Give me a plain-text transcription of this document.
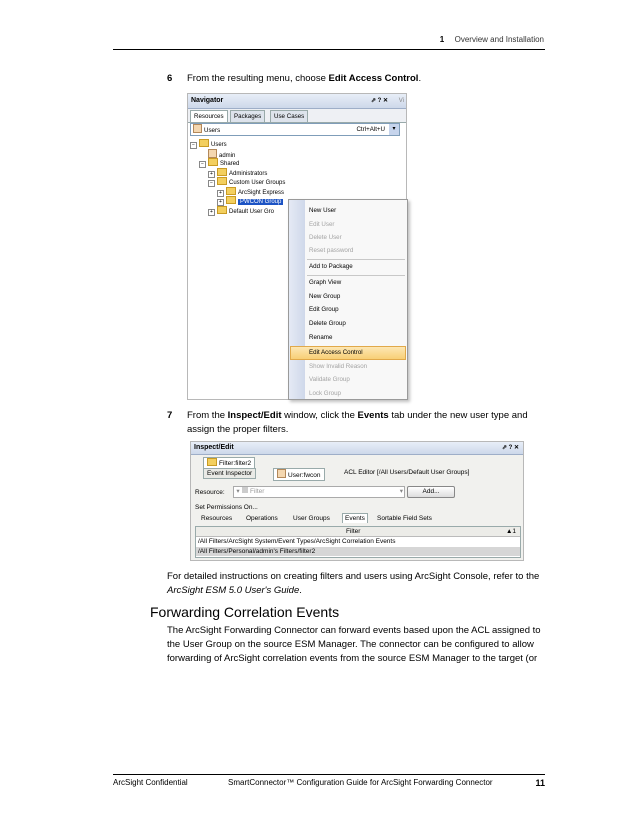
1 Overview and Installation
6 From the resulting menu, choose Edit Access Control.
Navigator	⇗ ? ✕ Vi
Resources	Packages	Use Cases
Users	Ctrl+Alt+U	▾
−	Users
admin
−	Shared
+	Administrators
−	Custom User Groups
+	ArcSight Express
+	PWCON Group
+	Default User Gro	New User
Edit User
Delete User
Reset password
Add to Package
Graph View
New Group
Edit Group
Delete Group
Rename
Edit Access Control
Show Invalid Reason
Validate Group
Lock Group
7 From the Inspect/Edit window, click the Events tab under the new user type and
assign the proper filters.
Inspect/Edit	⇗ ? ✕
Filter:filter2
Event Inspector	User:fwcon	ACL Editor [/All Users/Default User Groups]
Resource:	▾ Filter	▾	Add...
Set Permissions On...
Resources Operations User Groups	Events	Sortable Field Sets
Filter	▲1
/All Filters/ArcSight System/Event Types/ArcSight Correlation Events
/All Filters/Personal/admin's Filters/filter2
For detailed instructions on creating filters and users using ArcSight Console, refer to the
ArcSight ESM 5.0 User's Guide.
Forwarding Correlation Events
The ArcSight Forwarding Connector can forward events based upon the ACL assigned to
the User Group on the source ESM Manager. The connector can be configured to allow
forwarding of ArcSight correlation events from the source ESM Manager to the target (or
ArcSight Confidential	SmartConnector™ Configuration Guide for ArcSight Forwarding Connector	11
